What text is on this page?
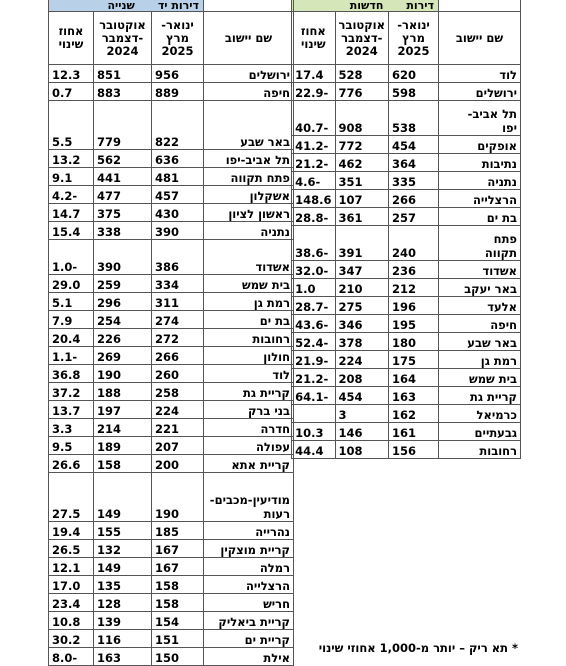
	דירות      חדשות		
שם יישוב	ינואר-
מרץ
2025	אוקטובר
-דצמבר
2024	אחוז
שינוי
לוד	620	528	17.4
ירושלים	598	776	-22.9
תל אביב-
יפו	538	908	-40.7
אופקים	454	772	-41.2
נתיבות	364	462	-21.2
נתניה	335	351	-4.6
הרצלייה	266	107	148.6
בת ים	257	361	-28.8
פתח
תקווה	240	391	-38.6
אשדוד	236	347	-32.0
באר יעקב	212	210	1.0
אלעד	196	275	-28.7
חיפה	195	346	-43.6
באר שבע	180	378	-52.4
רמת גן	175	224	-21.9
בית שמש	164	208	-21.2
קריית גת	163	454	-64.1
כרמיאל	162	3	
גבעתיים	161	146	10.3
רחובות	156	108	44.4
	דירות יד      שנייה		
שם יישוב	ינואר-
מרץ
2025	אוקטובר
-דצמבר
2024	אחוז
שינוי
ירושלים	956	851	12.3
חיפה	889	883	0.7
באר שבע	822	779	5.5
תל אביב-יפו	636	562	13.2
פתח תקווה	481	441	9.1
אשקלון	457	477	-4.2
ראשון לציון	430	375	14.7
נתניה	390	338	15.4
אשדוד	386	390	-1.0
בית שמש	334	259	29.0
רמת גן	311	296	5.1
בת ים	274	254	7.9
רחובות	272	226	20.4
חולון	266	269	-1.1
לוד	260	190	36.8
קריית גת	258	188	37.2
בני ברק	224	197	13.7
חדרה	221	214	3.3
עפולה	207	189	9.5
קריית אתא	200	158	26.6
מודיעין-מכבים-
רעות	190	149	27.5
נהרייה	185	155	19.4
קריית מוצקין	167	132	26.5
רמלה	167	149	12.1
הרצלייה	158	135	17.0
חריש	158	128	23.4
קריית ביאליק	154	139	10.8
קריית ים	151	116	30.2
אילת	150	163	-8.0
* תא ריק – יותר מ-1,000 אחוזי שינוי
